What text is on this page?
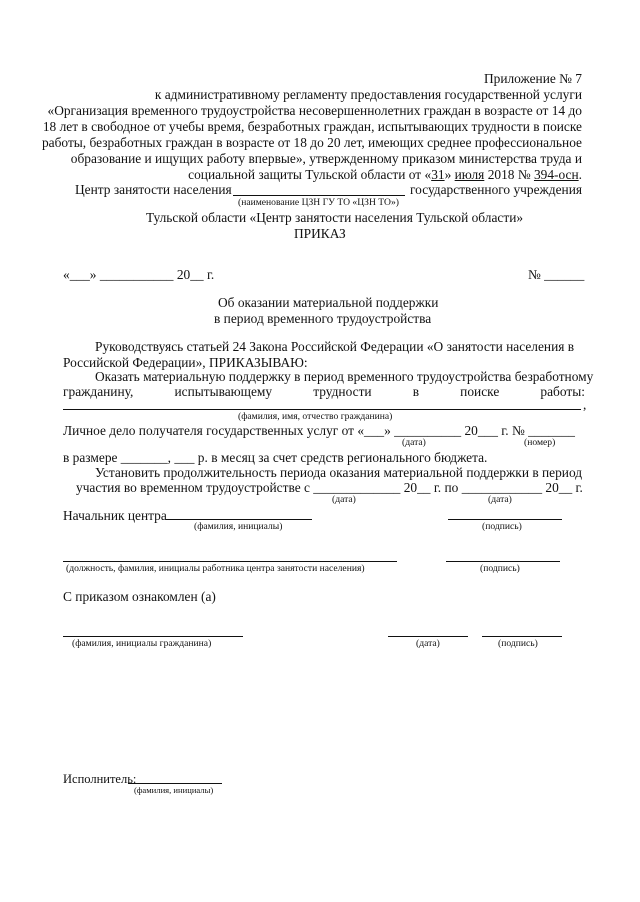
Приложение № 7
к административному регламенту предоставления государственной услуги
«Организация временного трудоустройства несовершеннолетних граждан в возрасте от 14 до
18 лет в свободное от учебы время, безработных граждан, испытывающих трудности в поиске
работы, безработных граждан в возрасте от 18 до 20 лет, имеющих среднее профессиональное
образование и ищущих работу впервые», утвержденному приказом министерства труда и
социальной защиты Тульской области от «31» июля 2018 № 394-осн.
Центр занятости населения	государственного учреждения
(наименование ЦЗН ГУ ТО «ЦЗН ТО»)
Тульской области «Центр занятости населения Тульской области»
ПРИКАЗ
«___» ___________ 20__ г.	№ ______
Об оказании материальной поддержки
в период временного трудоустройства
Руководствуясь статьей 24 Закона Российской Федерации «О занятости населения в
Российской Федерации», ПРИКАЗЫВАЮ:
Оказать материальную поддержку в период временного трудоустройства безработному
гражданину,	испытывающему	трудности	в	поиске	работы:
,
(фамилия, имя, отчество гражданина)
Личное дело получателя государственных услуг от «___» __________ 20___ г. № _______
(дата)	(номер)
в размере _______, ___ р. в месяц за счет средств регионального бюджета.
Установить продолжительность периода оказания материальной поддержки в период
участия во временном трудоустройстве с _____________ 20__ г. по ____________ 20__ г.
(дата)	(дата)
Начальник центра
(фамилия, инициалы)	(подпись)
(должность, фамилия, инициалы работника центра занятости населения)	(подпись)
С приказом ознакомлен (а)
(фамилия, инициалы гражданина)	(дата)	(подпись)
Исполнитель:
(фамилия, инициалы)
